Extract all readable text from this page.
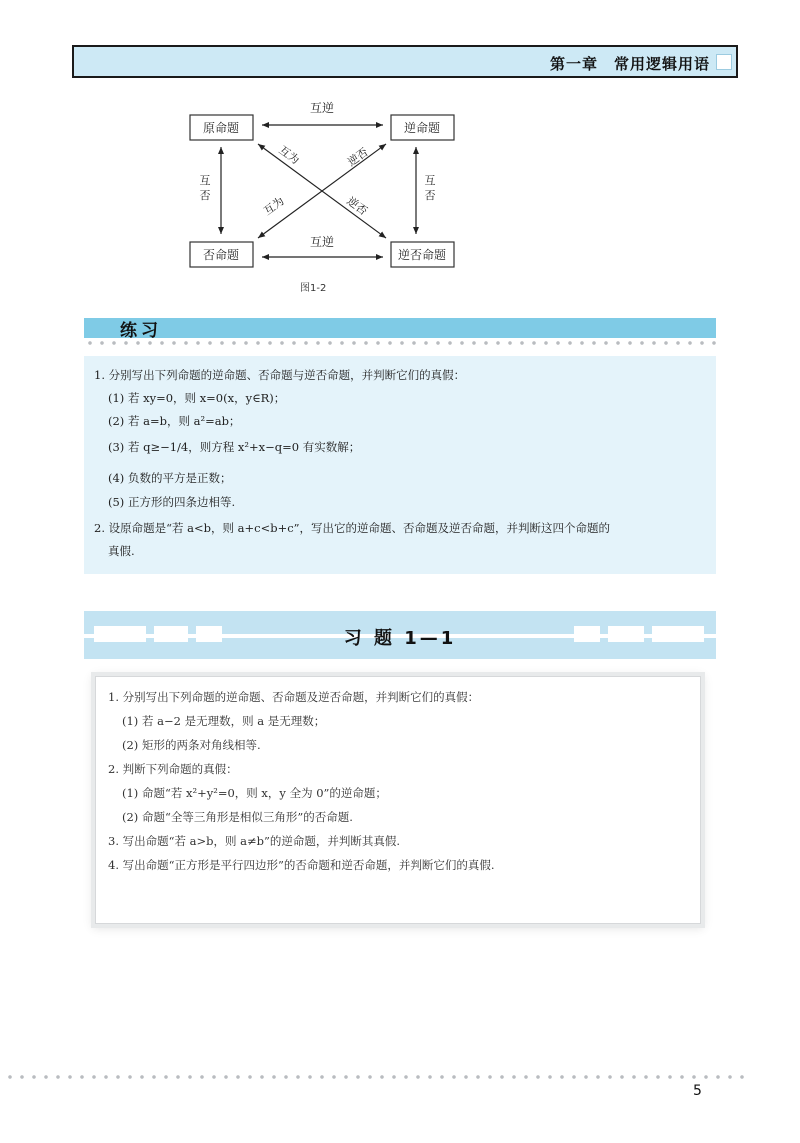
第一章　常用逻辑用语
原命题	逆命题
否命题	逆否命题
互逆
互逆
互
否
互
否
互为
逆否
互为
逆否
图1-2
练习
1. 分别写出下列命题的逆命题、否命题与逆否命题，并判断它们的真假：
(1) 若 xy=0，则 x=0(x，y∈R)；
(2) 若 a=b，则 a²=ab；
(3) 若 q≥−1/4，则方程 x²+x−q=0 有实数解；
(4) 负数的平方是正数；
(5) 正方形的四条边相等.
2. 设原命题是“若 a<b，则 a+c<b+c”，写出它的逆命题、否命题及逆否命题，并判断这四个命题的
真假.
习 题 1—1
1. 分别写出下列命题的逆命题、否命题及逆否命题，并判断它们的真假：
(1) 若 a−2 是无理数，则 a 是无理数；
(2) 矩形的两条对角线相等.
2. 判断下列命题的真假：
(1) 命题“若 x²+y²=0，则 x，y 全为 0”的逆命题；
(2) 命题“全等三角形是相似三角形”的否命题.
3. 写出命题“若 a>b，则 a≠b”的逆命题，并判断其真假.
4. 写出命题“正方形是平行四边形”的否命题和逆否命题，并判断它们的真假.
5
